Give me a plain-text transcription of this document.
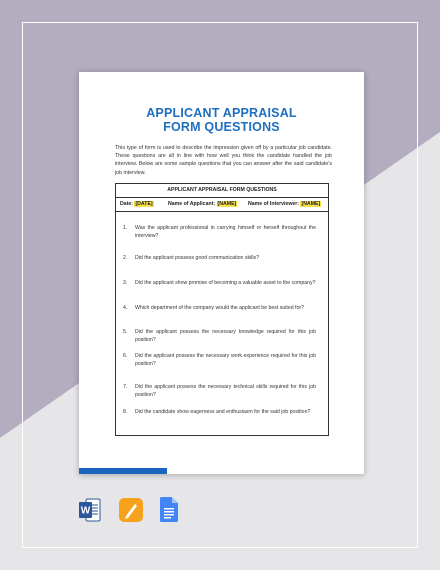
APPLICANT APPRAISAL
FORM QUESTIONS
This type of form is used to describe the impression given off by a particular job candidate. These questions are all in line with how well you think the candidate handled the job interview. Below are some sample questions that you can answer after the said candidate's job interview.
APPLICANT APPRAISAL FORM QUESTIONS
Date: [DATE]	Name of Applicant: [NAME] Name of Interviewer: [NAME]
1.	Was the applicant professional in carrying himself or herself throughout the interview?
2.	Did the applicant possess good communication skills?
3.	Did the applicant show promise of becoming a valuable asset to the company?
4.	Which department of the company would the applicant be best suited for?
5.	Did the applicant possess the necessary knowledge required for this job position?
6.	Did the applicant possess the necessary work experience required for this job position?
7.	Did the applicant possess the necessary technical skills required for this job position?
8.	Did the candidate show eagerness and enthusiasm for the said job position?
W
